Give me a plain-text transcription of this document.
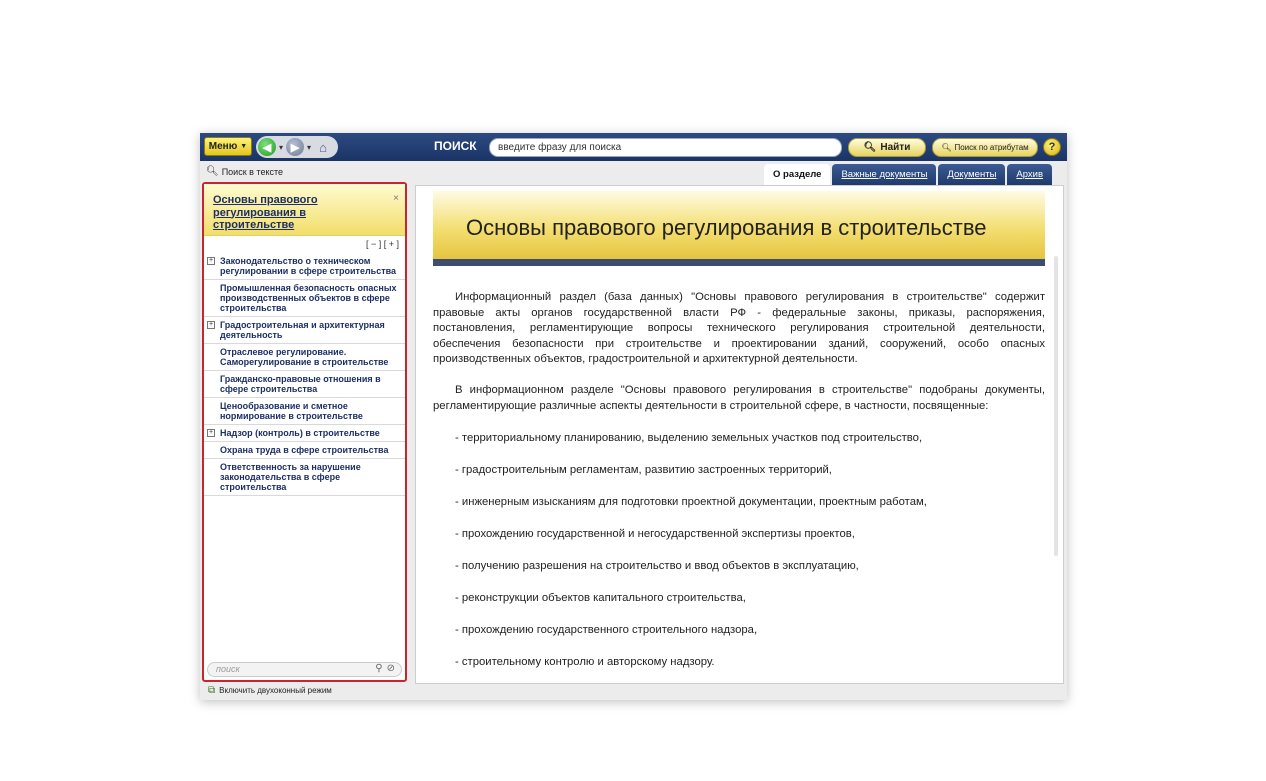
Меню ▼ ◀ ▾ ▶ ▾ ⌂	ПОИСК	введите фразу для поиска	🔍︎ Найти	🔍︎ Поиск по атрибутам ?
🔍︎ Поиск в тексте	О разделе	Важные документы	Документы	Архив
Основы правового регулирования в строительстве
×
[ − ] [ + ]
+ Законодательство о техническом регулировании в сфере строительства
Промышленная безопасность опасных производственных объектов в сфере строительства
+ Градостроительная и архитектурная деятельность
Отраслевое регулирование. Саморегулирование в строительстве
Гражданско-правовые отношения в сфере строительства
Ценообразование и сметное нормирование в строительстве
+ Надзор (контроль) в строительстве
Охрана труда в сфере строительства
Ответственность за нарушение законодательства в сфере строительства
поиск	⚲ ⊘
Основы правового регулирования в строительстве
Информационный раздел (база данных) "Основы правового регулирования в строительстве" содержит правовые акты органов государственной власти РФ - федеральные законы, приказы, распоряжения, постановления, регламентирующие вопросы технического регулирования строительной деятельности, обеспечения безопасности при строительстве и проектировании зданий, сооружений, особо опасных производственных объектов, градостроительной и архитектурной деятельности.
В информационном разделе "Основы правового регулирования в строительстве" подобраны документы, регламентирующие различные аспекты деятельности в строительной сфере, в частности, посвященные:
- территориальному планированию, выделению земельных участков под строительство,
- градостроительным регламентам, развитию застроенных территорий,
- инженерным изысканиям для подготовки проектной документации, проектным работам,
- прохождению государственной и негосударственной экспертизы проектов,
- получению разрешения на строительство и ввод объектов в эксплуатацию,
- реконструкции объектов капитального строительства,
- прохождению государственного строительного надзора,
- строительному контролю и авторскому надзору.
⧉ Включить двухоконный режим
